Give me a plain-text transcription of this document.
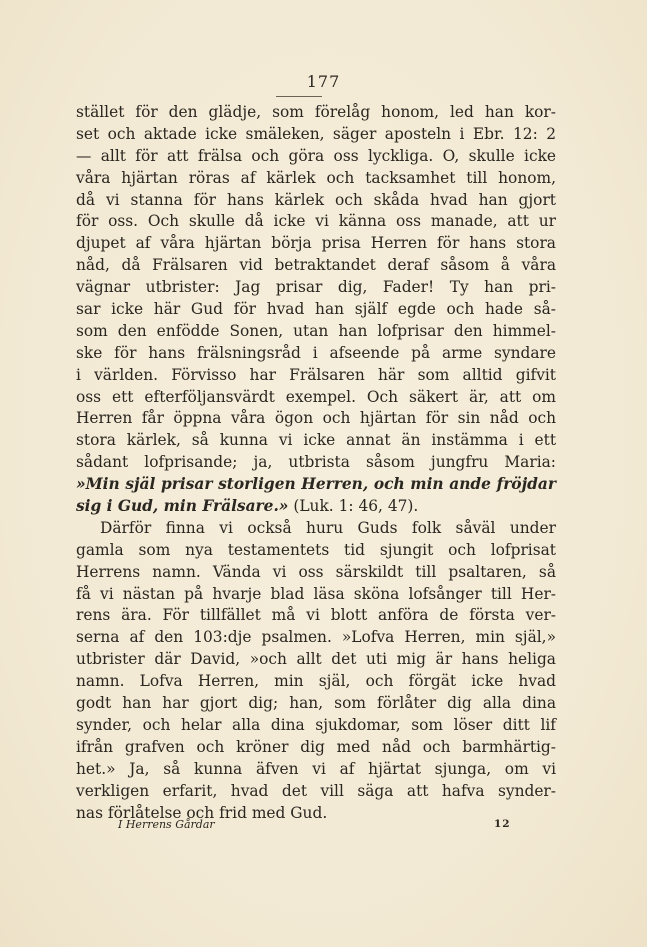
177
stället för den glädje, som förelåg honom, led han kor-
set och aktade icke smäleken, säger aposteln i Ebr. 12: 2
— allt för att frälsa och göra oss lyckliga. O, skulle icke
våra hjärtan röras af kärlek och tacksamhet till honom,
då vi stanna för hans kärlek och skåda hvad han gjort
för oss. Och skulle då icke vi känna oss manade, att ur
djupet af våra hjärtan börja prisa Herren för hans stora
nåd, då Frälsaren vid betraktandet deraf såsom å våra
vägnar utbrister: Jag prisar dig, Fader! Ty han pri-
sar icke här Gud för hvad han själf egde och hade så-
som den enfödde Sonen, utan han lofprisar den himmel-
ske för hans frälsningsråd i afseende på arme syndare
i världen. Förvisso har Frälsaren här som alltid gifvit
oss ett efterföljansvärdt exempel. Och säkert är, att om
Herren får öppna våra ögon och hjärtan för sin nåd och
stora kärlek, så kunna vi icke annat än instämma i ett
sådant lofprisande; ja, utbrista såsom jungfru Maria:
»Min själ prisar storligen Herren, och min ande fröjdar
sig i Gud, min Frälsare.» (Luk. 1: 46, 47).
Därför finna vi också huru Guds folk såväl under
gamla som nya testamentets tid sjungit och lofprisat
Herrens namn. Vända vi oss särskildt till psaltaren, så
få vi nästan på hvarje blad läsa sköna lofsånger till Her-
rens ära. För tillfället må vi blott anföra de första ver-
serna af den 103:dje psalmen. »Lofva Herren, min själ,»
utbrister där David, »och allt det uti mig är hans heliga
namn. Lofva Herren, min själ, och förgät icke hvad
godt han har gjort dig; han, som förlåter dig alla dina
synder, och helar alla dina sjukdomar, som löser ditt lif
ifrån grafven och kröner dig med nåd och barmhärtig-
het.» Ja, så kunna äfven vi af hjärtat sjunga, om vi
verkligen erfarit, hvad det vill säga att hafva synder-
nas förlåtelse och frid med Gud.
I Herrens Gårdar	12
